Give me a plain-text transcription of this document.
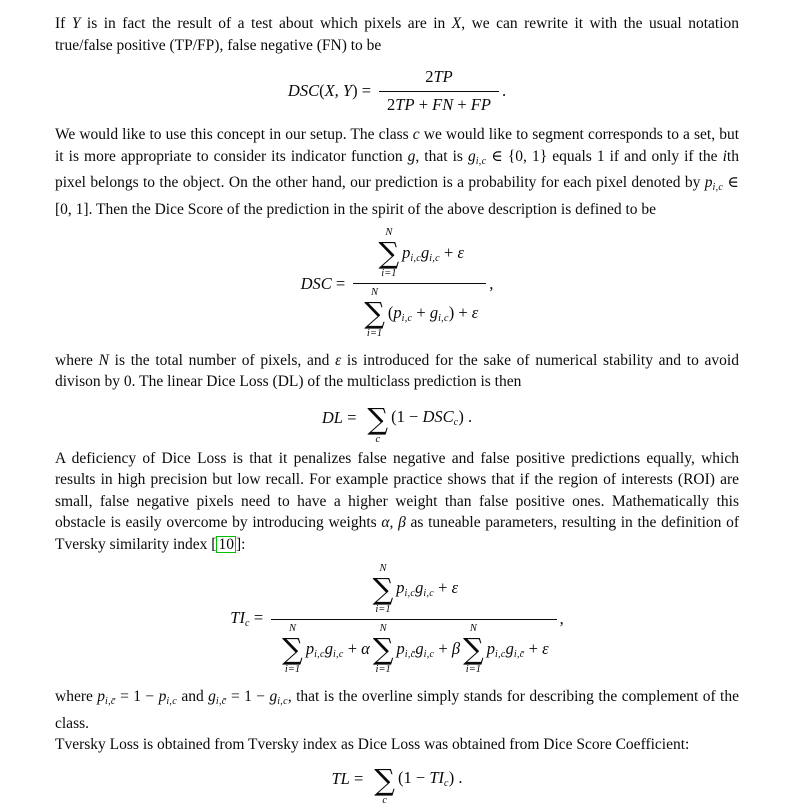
If Y is in fact the result of a test about which pixels are in X, we can rewrite it with the usual notation true/false positive (TP/FP), false negative (FN) to be

DSC(X, $Y) = \frac{2 TP}{2 TP + FN + FP}$ .

We would like to use this concept in our setup. The class c we would like to segment corresponds to a set, but it is more appropriate to consider its indicator function g, that is $g_{i,c}$ ∈ {0, 1} equals 1 if and only if the ith pixel belongs to the object. On the other hand, our prediction is a probability for each pixel denoted by $p_{i,c}$ ∈ [0, 1]. Then the Dice Score of the prediction in the spirit of the above description is defined to be

DSC =
N
∑
i=1
$p_{i,c}g_{i,c} + \varepsilon$
N
∑
i=1
$(p_{i,c} + g_{i,c}) + \varepsilon$
,

where N is the total number of pixels, and ε is introduced for the sake of numerical stability and to avoid divison by 0. The linear Dice Loss (DL) of the multiclass prediction is then

DL = ∑
c
$(1 - DSC_c)$ .

A deficiency of Dice Loss is that it penalizes false negative and false positive predictions equally, which results in high precision but low recall. For example practice shows that if the region of interests (ROI) are small, false negative pixels need to have a higher weight than false positive ones. Mathematically this obstacle is easily overcome by introducing weights α, β as tuneable parameters, resulting in the definition of Tversky similarity index [ 10 ]:

$TI_c$ =
N
∑
i=1
$p_{i,c}g_{i,c} + \varepsilon$
N
∑
i=1
$p_{i,c}g_{i,c} + \alpha$
N
∑
i=1
$p_{i,c̄}g_{i,c} + \beta$
N
∑
i=1
$p_{i,c}g_{i,c̄} + \varepsilon$
,

where $p_{i,c̄} = 1 - p_{i,c}$ and $g_{i,c̄} = 1 - g_{i,c}$, that is the overline simply stands for describing the complement of the class.

Tversky Loss is obtained from Tversky index as Dice Loss was obtained from Dice Score Coefficient:

TL = ∑
c
$(1 - TI_c)$ .
